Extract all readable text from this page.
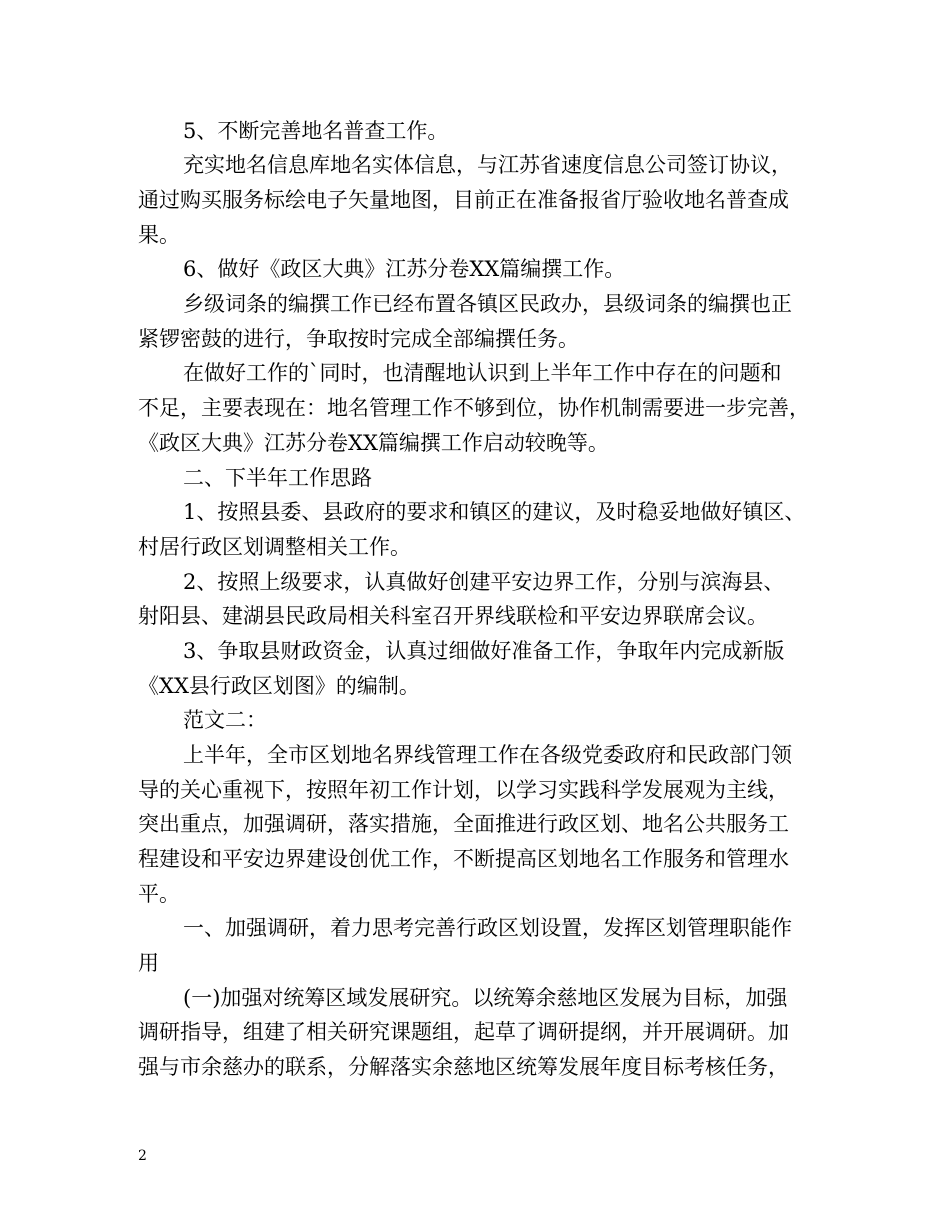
5、不断完善地名普查工作。
充实地名信息库地名实体信息，与江苏省速度信息公司签订协议，
通过购买服务标绘电子矢量地图，目前正在准备报省厅验收地名普查成
果。
6、做好《政区大典》江苏分卷XX篇编撰工作。
乡级词条的编撰工作已经布置各镇区民政办，县级词条的编撰也正
紧锣密鼓的进行，争取按时完成全部编撰任务。
在做好工作的`同时，也清醒地认识到上半年工作中存在的问题和
不足，主要表现在：地名管理工作不够到位，协作机制需要进一步完善，
《政区大典》江苏分卷XX篇编撰工作启动较晚等。
二、下半年工作思路
1、按照县委、县政府的要求和镇区的建议，及时稳妥地做好镇区、
村居行政区划调整相关工作。
2、按照上级要求，认真做好创建平安边界工作，分别与滨海县、
射阳县、建湖县民政局相关科室召开界线联检和平安边界联席会议。
3、争取县财政资金，认真过细做好准备工作，争取年内完成新版
《XX县行政区划图》的编制。
范文二：
上半年，全市区划地名界线管理工作在各级党委政府和民政部门领
导的关心重视下，按照年初工作计划，以学习实践科学发展观为主线，
突出重点，加强调研，落实措施，全面推进行政区划、地名公共服务工
程建设和平安边界建设创优工作，不断提高区划地名工作服务和管理水
平。
一、加强调研，着力思考完善行政区划设置，发挥区划管理职能作
用
(一)加强对统筹区域发展研究。以统筹余慈地区发展为目标，加强
调研指导，组建了相关研究课题组，起草了调研提纲，并开展调研。加
强与市余慈办的联系，分解落实余慈地区统筹发展年度目标考核任务，
2
